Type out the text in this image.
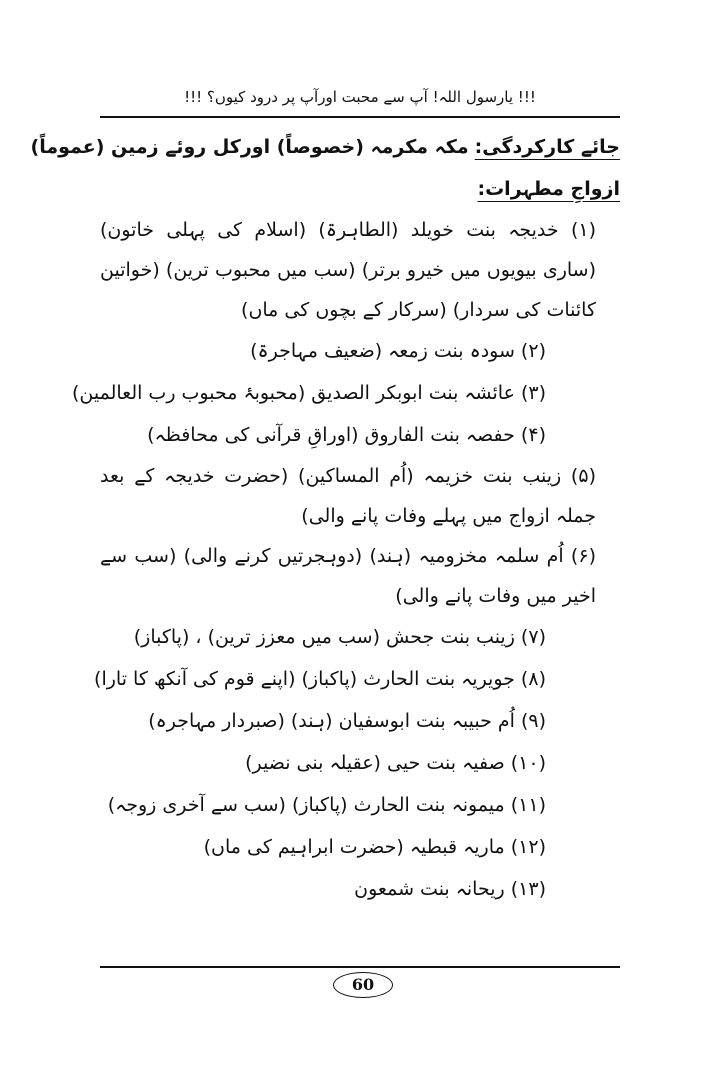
!!! یارسول اللہ! آپ سے محبت اورآپ پر درود کیوں؟ !!!
جائے کارکردگی: مکہ مکرمہ (خصوصاً) اورکل روئے زمین (عموماً)
ازواجِ مطہرات:
(۱) خدیجہ بنت خویلد (الطاہرۃ) (اسلام کی پہلی خاتون) (ساری بیویوں میں خیرو برتر) (سب میں محبوب ترین) (خواتین کائنات کی سردار) (سرکار کے بچوں کی ماں)
(۲) سودہ بنت زمعہ (ضعیف مہاجرۃ)
(۳) عائشہ بنت ابوبکر الصدیق (محبوبۂ محبوب رب العالمین)
(۴) حفصہ بنت الفاروق (اوراقِ قرآنی کی محافظہ)
(۵) زینب بنت خزیمہ (اُم المساکین) (حضرت خدیجہ کے بعد جملہ ازواج میں پہلے وفات پانے والی)
(۶) اُم سلمہ مخزومیہ (ہند) (دوہجرتیں کرنے والی) (سب سے اخیر میں وفات پانے والی)
(۷) زینب بنت جحش (سب میں معزز ترین) ، (پاکباز)
(۸) جویریہ بنت الحارث (پاکباز) (اپنے قوم کی آنکھ کا تارا)
(۹) اُم حبیبہ بنت ابوسفیان (ہند) (صبردار مہاجرہ)
(۱۰) صفیہ بنت حیی (عقیلہ بنی نضیر)
(۱۱) میمونہ بنت الحارث (پاکباز) (سب سے آخری زوجہ)
(۱۲) ماریہ قبطیہ (حضرت ابراہیم کی ماں)
(۱۳) ریحانہ بنت شمعون
60
